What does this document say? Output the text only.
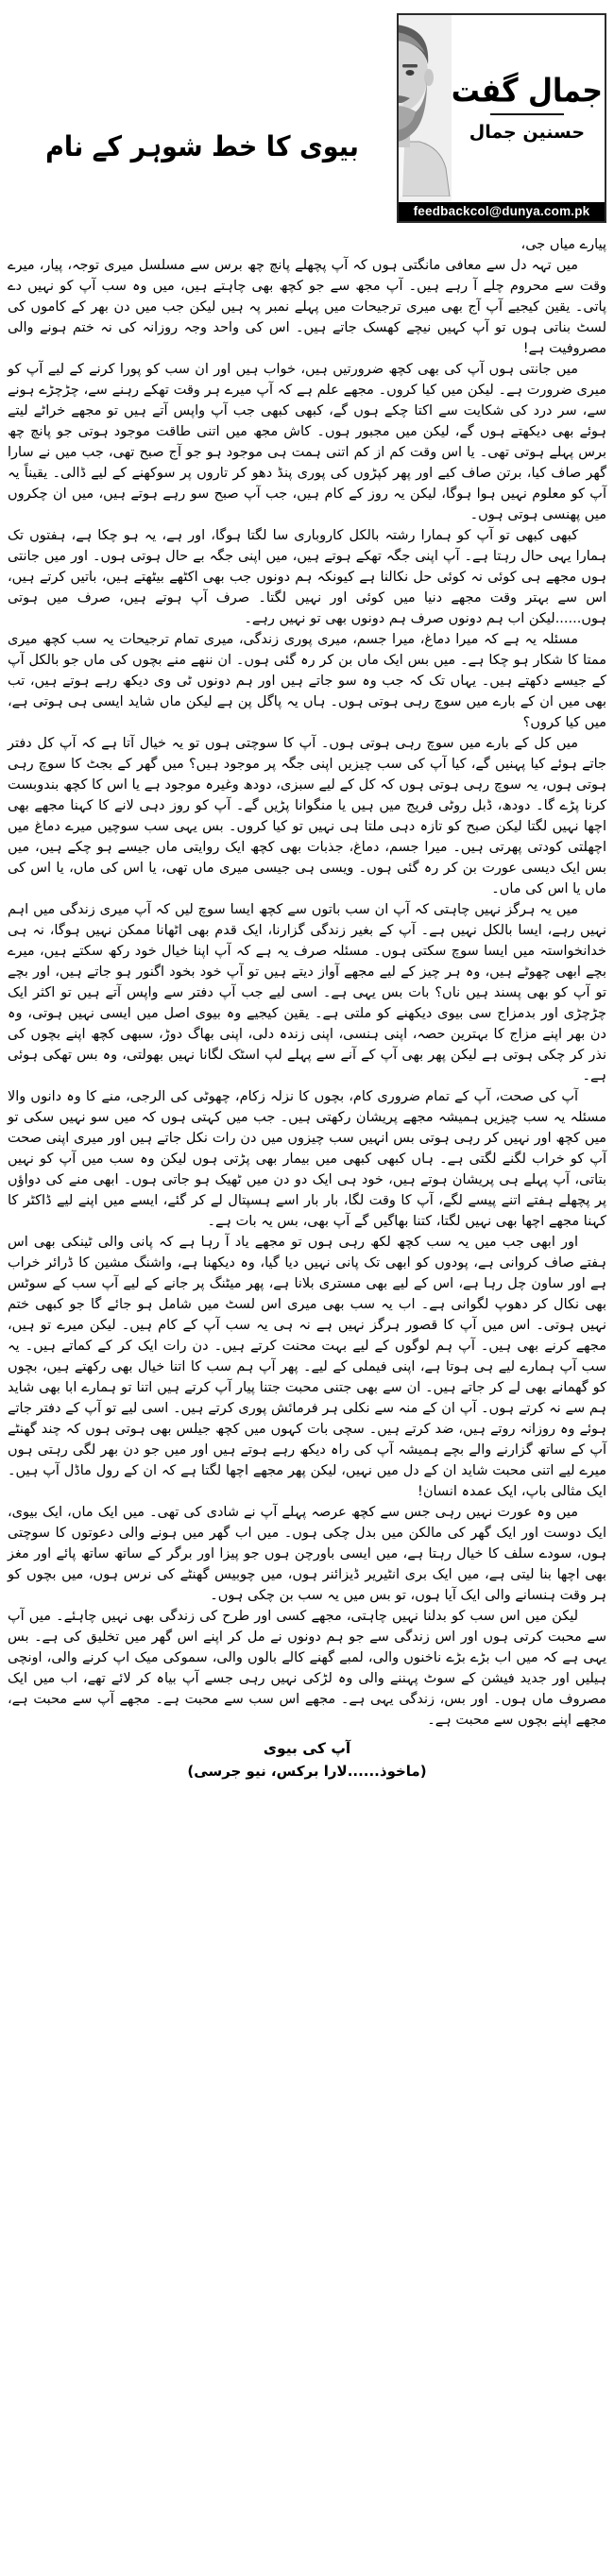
جمال گفت
حسنین جمال
feedbackcol@dunya.com.pk
بیوی کا خط شوہر کے نام

پیارے میاں جی،

میں تہہ دل سے معافی مانگتی ہوں کہ آپ پچھلے پانچ چھ برس سے مسلسل میری توجہ، پیار، میرے وقت سے محروم چلے آ رہے ہیں۔ آپ مجھ سے جو کچھ بھی چاہتے ہیں، میں وہ سب آپ کو نہیں دے پاتی۔ یقین کیجیے آپ آج بھی میری ترجیحات میں پہلے نمبر پہ ہیں لیکن جب میں دن بھر کے کاموں کی لسٹ بناتی ہوں تو آپ کہیں نیچے کھسک جاتے ہیں۔ اس کی واحد وجہ روزانہ کی نہ ختم ہونے والی مصروفیت ہے!

میں جانتی ہوں آپ کی بھی کچھ ضرورتیں ہیں، خواب ہیں اور ان سب کو پورا کرنے کے لیے آپ کو میری ضرورت ہے۔ لیکن میں کیا کروں۔ مجھے علم ہے کہ آپ میرے ہر وقت تھکے رہنے سے، چڑچڑے ہونے سے، سر درد کی شکایت سے اکتا چکے ہوں گے، کبھی کبھی جب آپ واپس آتے ہیں تو مجھے خراٹے لیتے ہوئے بھی دیکھتے ہوں گے، لیکن میں مجبور ہوں۔ کاش مجھ میں اتنی طاقت موجود ہوتی جو پانچ چھ برس پہلے ہوتی تھی۔ یا اس وقت کم از کم اتنی ہمت ہی موجود ہو جو آج صبح تھی، جب میں نے سارا گھر صاف کیا، برتن صاف کیے اور پھر کپڑوں کی پوری پنڈ دھو کر تاروں پر سوکھنے کے لیے ڈالی۔ یقیناً یہ آپ کو معلوم نہیں ہوا ہوگا، لیکن یہ روز کے کام ہیں، جب آپ صبح سو رہے ہوتے ہیں، میں ان چکروں میں پھنسی ہوتی ہوں۔

کبھی کبھی تو آپ کو ہمارا رشتہ بالکل کاروباری سا لگتا ہوگا، اور ہے، یہ ہو چکا ہے، ہفتوں تک ہمارا یہی حال رہتا ہے۔ آپ اپنی جگہ تھکے ہوتے ہیں، میں اپنی جگہ بے حال ہوتی ہوں۔ اور میں جانتی ہوں مجھے ہی کوئی نہ کوئی حل نکالنا ہے کیونکہ ہم دونوں جب بھی اکٹھے بیٹھتے ہیں، باتیں کرتے ہیں، اس سے بہتر وقت مجھے دنیا میں کوئی اور نہیں لگتا۔ صرف آپ ہوتے ہیں، صرف میں ہوتی ہوں......لیکن اب ہم دونوں صرف ہم دونوں بھی تو نہیں رہے۔

مسئلہ یہ ہے کہ میرا دماغ، میرا جسم، میری پوری زندگی، میری تمام ترجیحات یہ سب کچھ میری ممتا کا شکار ہو چکا ہے۔ میں بس ایک ماں بن کر رہ گئی ہوں۔ ان ننھے منے بچوں کی ماں جو بالکل آپ کے جیسے دکھتے ہیں۔ یہاں تک کہ جب وہ سو جاتے ہیں اور ہم دونوں ٹی وی دیکھ رہے ہوتے ہیں، تب بھی میں ان کے بارے میں سوچ رہی ہوتی ہوں۔ ہاں یہ پاگل پن ہے لیکن ماں شاید ایسی ہی ہوتی ہے، میں کیا کروں؟

میں کل کے بارے میں سوچ رہی ہوتی ہوں۔ آپ کا سوچتی ہوں تو یہ خیال آتا ہے کہ آپ کل دفتر جاتے ہوئے کیا پہنیں گے، کیا آپ کی سب چیزیں اپنی جگہ پر موجود ہیں؟ میں گھر کے بجٹ کا سوچ رہی ہوتی ہوں، یہ سوچ رہی ہوتی ہوں کہ کل کے لیے سبزی، دودھ وغیرہ موجود ہے یا اس کا کچھ بندوبست کرنا پڑے گا۔ دودھ، ڈبل روٹی فریج میں ہیں یا منگوانا پڑیں گے۔ آپ کو روز دہی لانے کا کہنا مجھے بھی اچھا نہیں لگتا لیکن صبح کو تازہ دہی ملتا ہی نہیں تو کیا کروں۔ بس یہی سب سوچیں میرے دماغ میں اچھلتی کودتی پھرتی ہیں۔ میرا جسم، دماغ، جذبات بھی کچھ ایک روایتی ماں جیسے ہو چکے ہیں، میں بس ایک دیسی عورت بن کر رہ گئی ہوں۔ ویسی ہی جیسی میری ماں تھی، یا اس کی ماں، یا اس کی ماں یا اس کی ماں۔

میں یہ ہرگز نہیں چاہتی کہ آپ ان سب باتوں سے کچھ ایسا سوچ لیں کہ آپ میری زندگی میں اہم نہیں رہے، ایسا بالکل نہیں ہے۔ آپ کے بغیر زندگی گزارنا، ایک قدم بھی اٹھانا ممکن نہیں ہوگا، نہ ہی خدانخواستہ میں ایسا سوچ سکتی ہوں۔ مسئلہ صرف یہ ہے کہ آپ اپنا خیال خود رکھ سکتے ہیں، میرے بچے ابھی چھوٹے ہیں، وہ ہر چیز کے لیے مجھے آواز دیتے ہیں تو آپ خود بخود اگنور ہو جاتے ہیں، اور بچے تو آپ کو بھی پسند ہیں ناں؟ بات بس یہی ہے۔ اسی لیے جب آپ دفتر سے واپس آتے ہیں تو اکثر ایک چڑچڑی اور بدمزاج سی بیوی دیکھنے کو ملتی ہے۔ یقین کیجیے وہ بیوی اصل میں ایسی نہیں ہوتی، وہ دن بھر اپنے مزاج کا بہترین حصہ، اپنی ہنسی، اپنی زندہ دلی، اپنی بھاگ دوڑ، سبھی کچھ اپنے بچوں کی نذر کر چکی ہوتی ہے لیکن پھر بھی آپ کے آنے سے پہلے لپ اسٹک لگانا نہیں بھولتی، وہ بس تھکی ہوئی ہے۔

آپ کی صحت، آپ کے تمام ضروری کام، بچوں کا نزلہ زکام، چھوٹی کی الرجی، منے کا وہ دانوں والا مسئلہ یہ سب چیزیں ہمیشہ مجھے پریشان رکھتی ہیں۔ جب میں کہتی ہوں کہ میں سو نہیں سکی تو میں کچھ اور نہیں کر رہی ہوتی بس انہیں سب چیزوں میں دن رات نکل جاتے ہیں اور میری اپنی صحت آپ کو خراب لگنے لگتی ہے۔ ہاں کبھی کبھی میں بیمار بھی پڑتی ہوں لیکن وہ سب میں آپ کو نہیں بتاتی، آپ پہلے ہی پریشان ہوتے ہیں، خود ہی ایک دو دن میں ٹھیک ہو جاتی ہوں۔ ابھی منے کی دواؤں پر پچھلے ہفتے اتنے پیسے لگے، آپ کا وقت لگا، بار بار اسے ہسپتال لے کر گئے، ایسے میں اپنے لیے ڈاکٹر کا کہنا مجھے اچھا بھی نہیں لگتا، کتنا بھاگیں گے آپ بھی، بس یہ بات ہے۔

اور ابھی جب میں یہ سب کچھ لکھ رہی ہوں تو مجھے یاد آ رہا ہے کہ پانی والی ٹینکی بھی اس ہفتے صاف کروانی ہے، پودوں کو ابھی تک پانی نہیں دیا گیا، وہ دیکھنا ہے، واشنگ مشین کا ڈرائر خراب ہے اور ساون چل رہا ہے، اس کے لیے بھی مستری بلانا ہے، پھر میٹنگ پر جانے کے لیے آپ سب کے سوٹس بھی نکال کر دھوپ لگوانی ہے۔ اب یہ سب بھی میری اس لسٹ میں شامل ہو جائے گا جو کبھی ختم نہیں ہوتی۔ اس میں آپ کا قصور ہرگز نہیں ہے نہ ہی یہ سب آپ کے کام ہیں۔ لیکن میرے تو ہیں، مجھے کرنے بھی ہیں۔ آپ ہم لوگوں کے لیے بہت محنت کرتے ہیں۔ دن رات ایک کر کے کماتے ہیں۔ یہ سب آپ ہمارے لیے ہی ہوتا ہے، اپنی فیملی کے لیے۔ پھر آپ ہم سب کا اتنا خیال بھی رکھتے ہیں، بچوں کو گھمانے بھی لے کر جاتے ہیں۔ ان سے بھی جتنی محبت جتنا پیار آپ کرتے ہیں اتنا تو ہمارے ابا بھی شاید ہم سے نہ کرتے ہوں۔ آپ ان کے منہ سے نکلی ہر فرمائش پوری کرتے ہیں۔ اسی لیے تو آپ کے دفتر جاتے ہوئے وہ روزانہ روتے ہیں، ضد کرتے ہیں۔ سچی بات کہوں میں کچھ جیلس بھی ہوتی ہوں کہ چند گھنٹے آپ کے ساتھ گزارنے والے بچے ہمیشہ آپ کی راہ دیکھ رہے ہوتے ہیں اور میں جو دن بھر لگی رہتی ہوں میرے لیے اتنی محبت شاید ان کے دل میں نہیں، لیکن پھر مجھے اچھا لگتا ہے کہ ان کے رول ماڈل آپ ہیں۔ ایک مثالی باپ، ایک عمدہ انسان!

میں وہ عورت نہیں رہی جس سے کچھ عرصہ پہلے آپ نے شادی کی تھی۔ میں ایک ماں، ایک بیوی، ایک دوست اور ایک گھر کی مالکن میں بدل چکی ہوں۔ میں اب گھر میں ہونے والی دعوتوں کا سوچتی ہوں، سودے سلف کا خیال رہتا ہے، میں ایسی باورچن ہوں جو پیزا اور برگر کے ساتھ ساتھ پائے اور مغز بھی اچھا بنا لیتی ہے، میں ایک بری انٹیریر ڈیزائنر ہوں، میں چوبیس گھنٹے کی نرس ہوں، میں بچوں کو ہر وقت ہنسانے والی ایک آیا ہوں، تو بس میں یہ سب بن چکی ہوں۔

لیکن میں اس سب کو بدلنا نہیں چاہتی، مجھے کسی اور طرح کی زندگی بھی نہیں چاہئے۔ میں آپ سے محبت کرتی ہوں اور اس زندگی سے جو ہم دونوں نے مل کر اپنے اس گھر میں تخلیق کی ہے۔ بس یہی ہے کہ میں اب بڑے بڑے ناخنوں والی، لمبے گھنے کالے بالوں والی، سموکی میک اپ کرنے والی، اونچی ہیلیں اور جدید فیشن کے سوٹ پہننے والی وہ لڑکی نہیں رہی جسے آپ بیاہ کر لائے تھے، اب میں ایک مصروف ماں ہوں۔ اور بس، زندگی یہی ہے۔ مجھے اس سب سے محبت ہے۔ مجھے آپ سے محبت ہے، مجھے اپنے بچوں سے محبت ہے۔

آپ کی بیوی
(ماخوذ......لارا برکس، نیو جرسی)
